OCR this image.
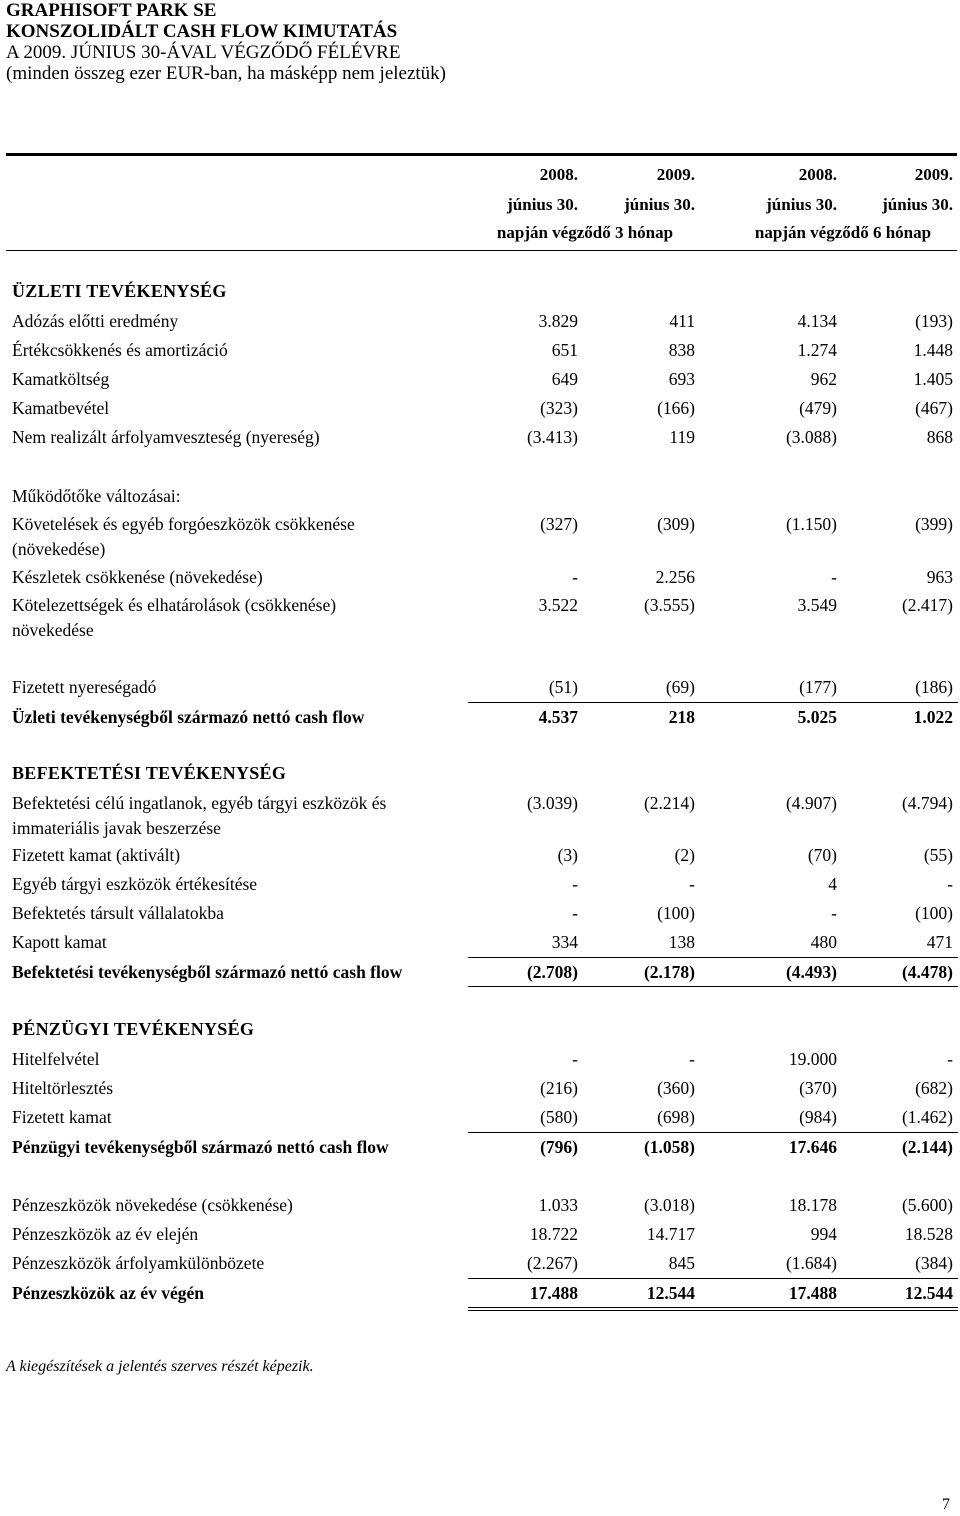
GRAPHISOFT PARK SE
KONSZOLIDÁLT CASH FLOW KIMUTATÁS
A 2009. JÚNIUS 30-ÁVAL VÉGZŐDŐ FÉLÉVRE
(minden összeg ezer EUR-ban, ha másképp nem jeleztük)
2008.	2009.	2008.	2009.
június 30.	június 30.	június 30.	június 30.
napján végződő 3 hónap	napján végződő 6 hónap
ÜZLETI TEVÉKENYSÉG
Adózás előtti eredmény	3.829	411	4.134	(193)
Értékcsökkenés és amortizáció	651	838	1.274	1.448
Kamatköltség	649	693	962	1.405
Kamatbevétel	(323)	(166)	(479)	(467)
Nem realizált árfolyamveszteség (nyereség)	(3.413)	119	(3.088)	868
Működőtőke változásai:
Követelések és egyéb forgóeszközök csökkenése (növekedése)
(327)	(309)	(1.150)	(399)
Készletek csökkenése (növekedése)	-	2.256	-	963
Kötelezettségek és elhatárolások (csökkenése) növekedése
3.522	(3.555)	3.549	(2.417)
Fizetett nyereségadó	(51)	(69)	(177)	(186)
Üzleti tevékenységből származó nettó cash flow	4.537	218	5.025	1.022
BEFEKTETÉSI TEVÉKENYSÉG
Befektetési célú ingatlanok, egyéb tárgyi eszközök és immateriális javak beszerzése
(3.039)	(2.214)	(4.907)	(4.794)
Fizetett kamat (aktivált)	(3)	(2)	(70)	(55)
Egyéb tárgyi eszközök értékesítése	-	-	4	-
Befektetés társult vállalatokba	-	(100)	-	(100)
Kapott kamat	334	138	480	471
Befektetési tevékenységből származó nettó cash flow	(2.708)	(2.178)	(4.493)	(4.478)
PÉNZÜGYI TEVÉKENYSÉG
Hitelfelvétel	-	-	19.000	-
Hiteltörlesztés	(216)	(360)	(370)	(682)
Fizetett kamat	(580)	(698)	(984)	(1.462)
Pénzügyi tevékenységből származó nettó cash flow	(796)	(1.058)	17.646	(2.144)
Pénzeszközök növekedése (csökkenése)	1.033	(3.018)	18.178	(5.600)
Pénzeszközök az év elején	18.722	14.717	994	18.528
Pénzeszközök árfolyamkülönbözete	(2.267)	845	(1.684)	(384)
Pénzeszközök az év végén	17.488	12.544	17.488	12.544
A kiegészítések a jelentés szerves részét képezik.
7
